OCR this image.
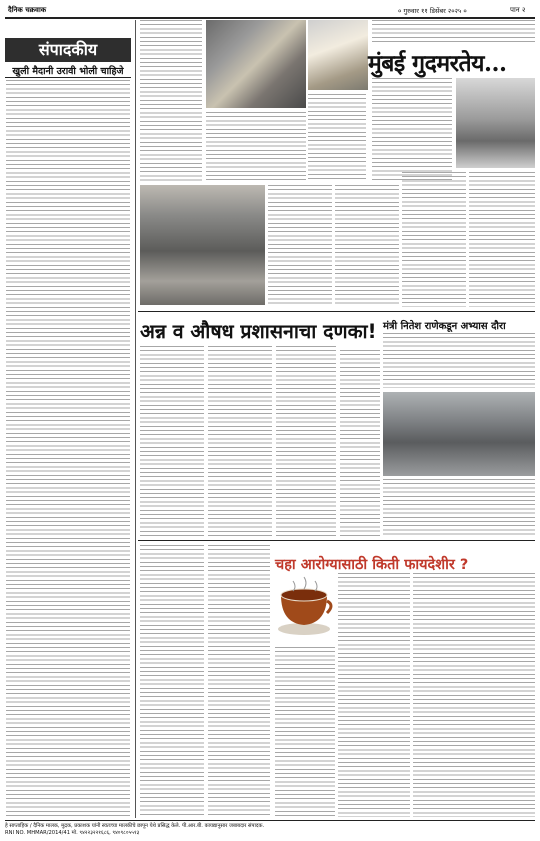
दैनिक चक्रवाक	० गुरुवार ११ डिसेंबर २०२५ ०	पान २
संपादकीय
खुली मैदानी उरावी भोली चाहिजे	मुंबई गुदमरतेय...
अन्न व औषध प्रशासनाचा दणका! मंत्री नितेश राणेकडून अभ्यास दौरा
चहा आरोग्यासाठी किती फायदेशीर ?
हे साप्ताहिक / दैनिक मालक, मुद्रक, प्रकाशक यांनी स्वतःच्या मालकीचे छापून येथे प्रसिद्ध केले. पी.आर.बी. कायद्यानुसार जबाबदार संपादक.
RNI NO. MHMAR/2014/41 मो. ९४२२३२२१६८६, ९४०९८०५५१३
